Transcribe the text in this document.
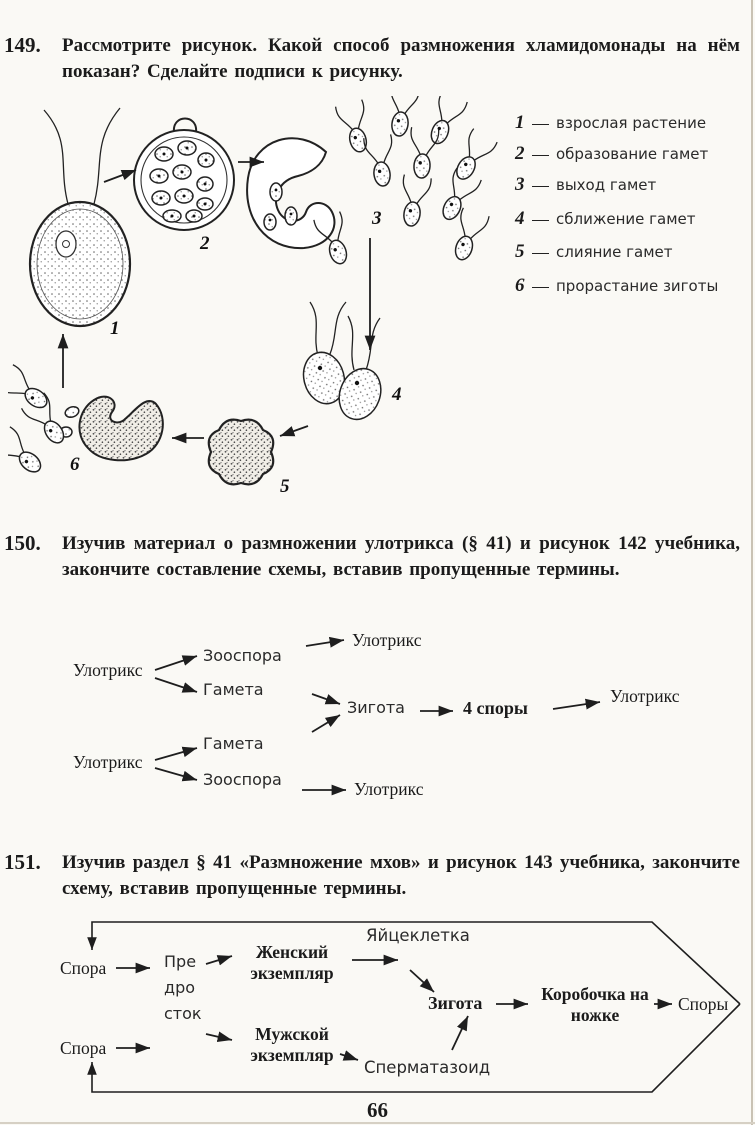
149. Рассмотрите рисунок. Какой способ размножения хламидомонады на нём показан? Сделайте подписи к рисунку.
1
2
3
4
5
6
1	взрослая растение
2	образование гамет
3	выход гамет
4	сближение гамет
5	слияние гамет
6	прорастание зиготы
150. Изучив материал о размножении улотрикса (§ 41) и рисунок 142 учебника, закончите составление схемы, вставив пропущенные термины.
Улотрикс
Зооспора
Гамета
Улотрикс
Зигота	4 споры
Улотрикс
Улотрикс
Гамета
Зооспора	Улотрикс
151. Изучив раздел § 41 «Размножение мхов» и рисунок 143 учебника, закончите схему, вставив пропущенные термины.
Яйцеклетка
Спора	Пре
дро
сток
Женский экземпляр
Зигота	Коробочка на ножке
Споры
Спора
Мужской экземпляр
Сперматазоид
66
